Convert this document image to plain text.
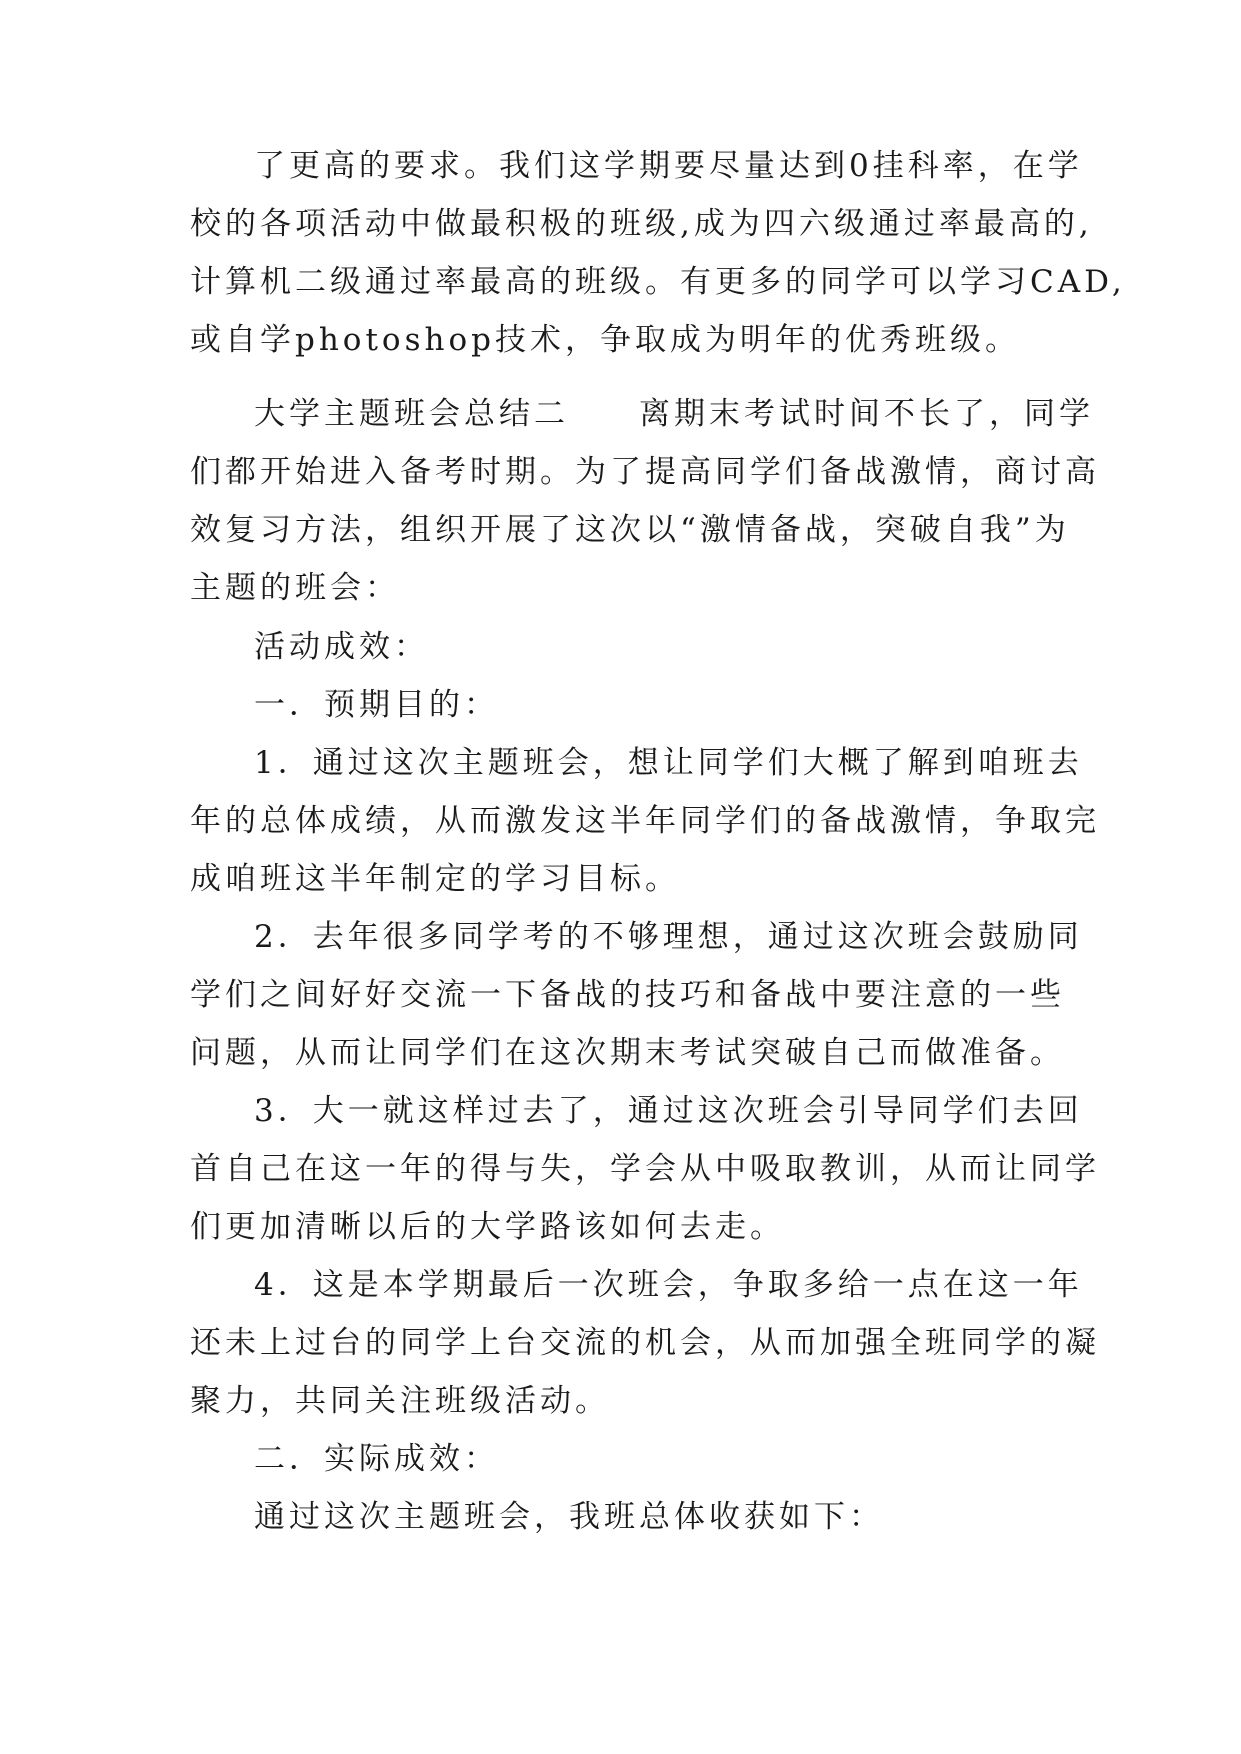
了更高的要求。我们这学期要尽量达到0挂科率，在学
校的各项活动中做最积极的班级,成为四六级通过率最高的,
计算机二级通过率最高的班级。有更多的同学可以学习CAD,
或自学photoshop技术，争取成为明年的优秀班级。
大学主题班会总结二　　离期末考试时间不长了，同学
们都开始进入备考时期。为了提高同学们备战激情，商讨高
效复习方法，组织开展了这次以“激情备战，突破自我”为
主题的班会：
活动成效：
一．预期目的：
1．通过这次主题班会，想让同学们大概了解到咱班去
年的总体成绩，从而激发这半年同学们的备战激情，争取完
成咱班这半年制定的学习目标。
2．去年很多同学考的不够理想，通过这次班会鼓励同
学们之间好好交流一下备战的技巧和备战中要注意的一些
问题，从而让同学们在这次期末考试突破自己而做准备。
3．大一就这样过去了，通过这次班会引导同学们去回
首自己在这一年的得与失，学会从中吸取教训，从而让同学
们更加清晰以后的大学路该如何去走。
4．这是本学期最后一次班会，争取多给一点在这一年
还未上过台的同学上台交流的机会，从而加强全班同学的凝
聚力，共同关注班级活动。
二．实际成效：
通过这次主题班会，我班总体收获如下：
